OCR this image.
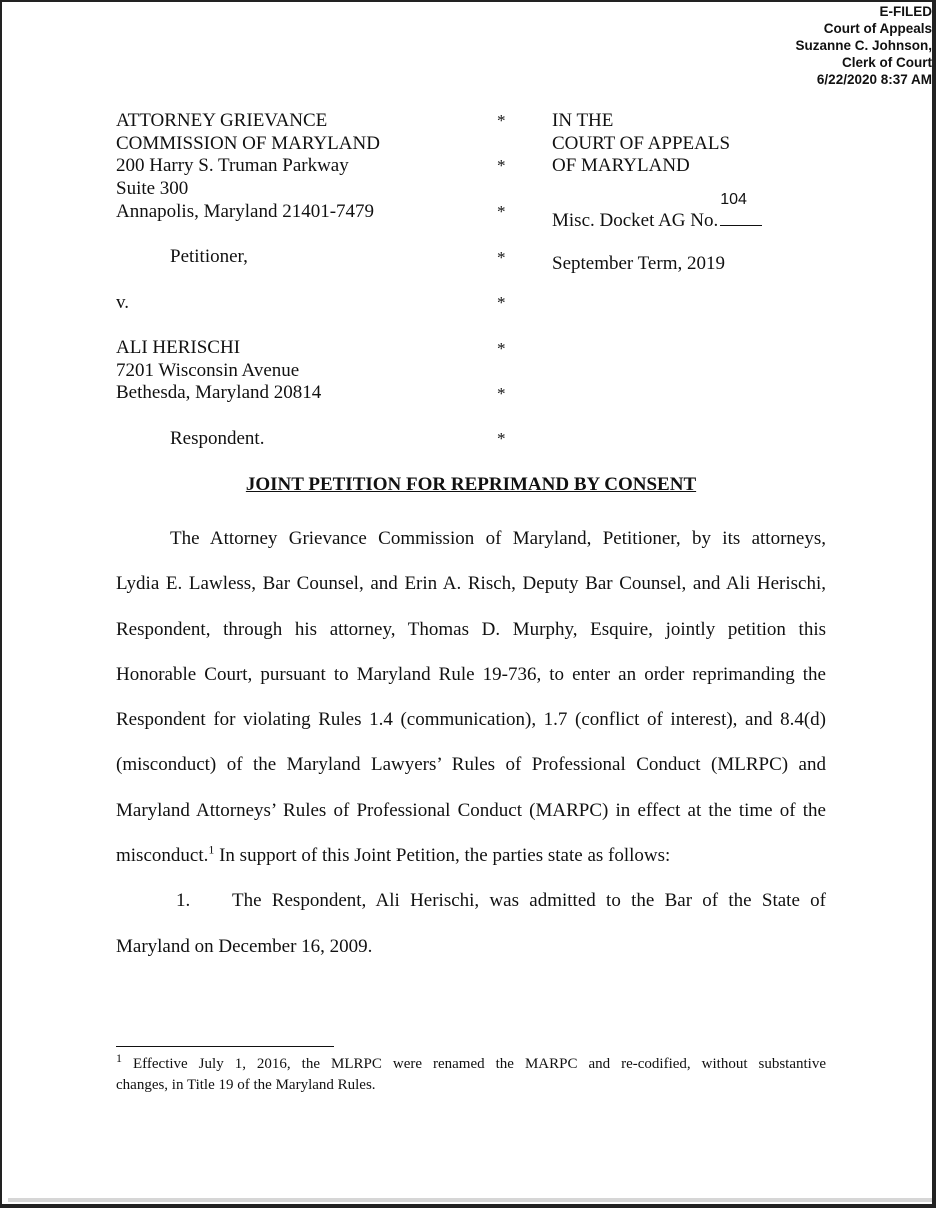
E-FILED
Court of Appeals
Suzanne C. Johnson,
Clerk of Court
6/22/2020 8:37 AM
ATTORNEY GRIEVANCE
COMMISSION OF MARYLAND
200 Harry S. Truman Parkway
Suite 300
Annapolis, Maryland 21401-7479
Petitioner,
v.
ALI HERISCHI
7201 Wisconsin Avenue
Bethesda, Maryland 20814
Respondent.
*
*
*
*
*
*
*
*
IN THE
COURT OF APPEALS
OF MARYLAND
Misc. Docket AG No.
104
September Term, 2019
JOINT PETITION FOR REPRIMAND BY CONSENT
The Attorney Grievance Commission of Maryland, Petitioner, by its attorneys,
Lydia E. Lawless, Bar Counsel, and Erin A. Risch, Deputy Bar Counsel, and Ali Herischi,
Respondent, through his attorney, Thomas D. Murphy, Esquire, jointly petition this
Honorable Court, pursuant to Maryland Rule 19-736, to enter an order reprimanding the
Respondent for violating Rules 1.4 (communication), 1.7 (conflict of interest), and 8.4(d)
(misconduct) of the Maryland Lawyers’ Rules of Professional Conduct (MLRPC) and
Maryland Attorneys’ Rules of Professional Conduct (MARPC) in effect at the time of the
misconduct.$^1$ In support of this Joint Petition, the parties state as follows:
1. The Respondent, Ali Herischi, was admitted to the Bar of the State of
Maryland on December 16, 2009.
$^1$ Effective July 1, 2016, the MLRPC were renamed the MARPC and re-codified, without substantive
changes, in Title 19 of the Maryland Rules.
